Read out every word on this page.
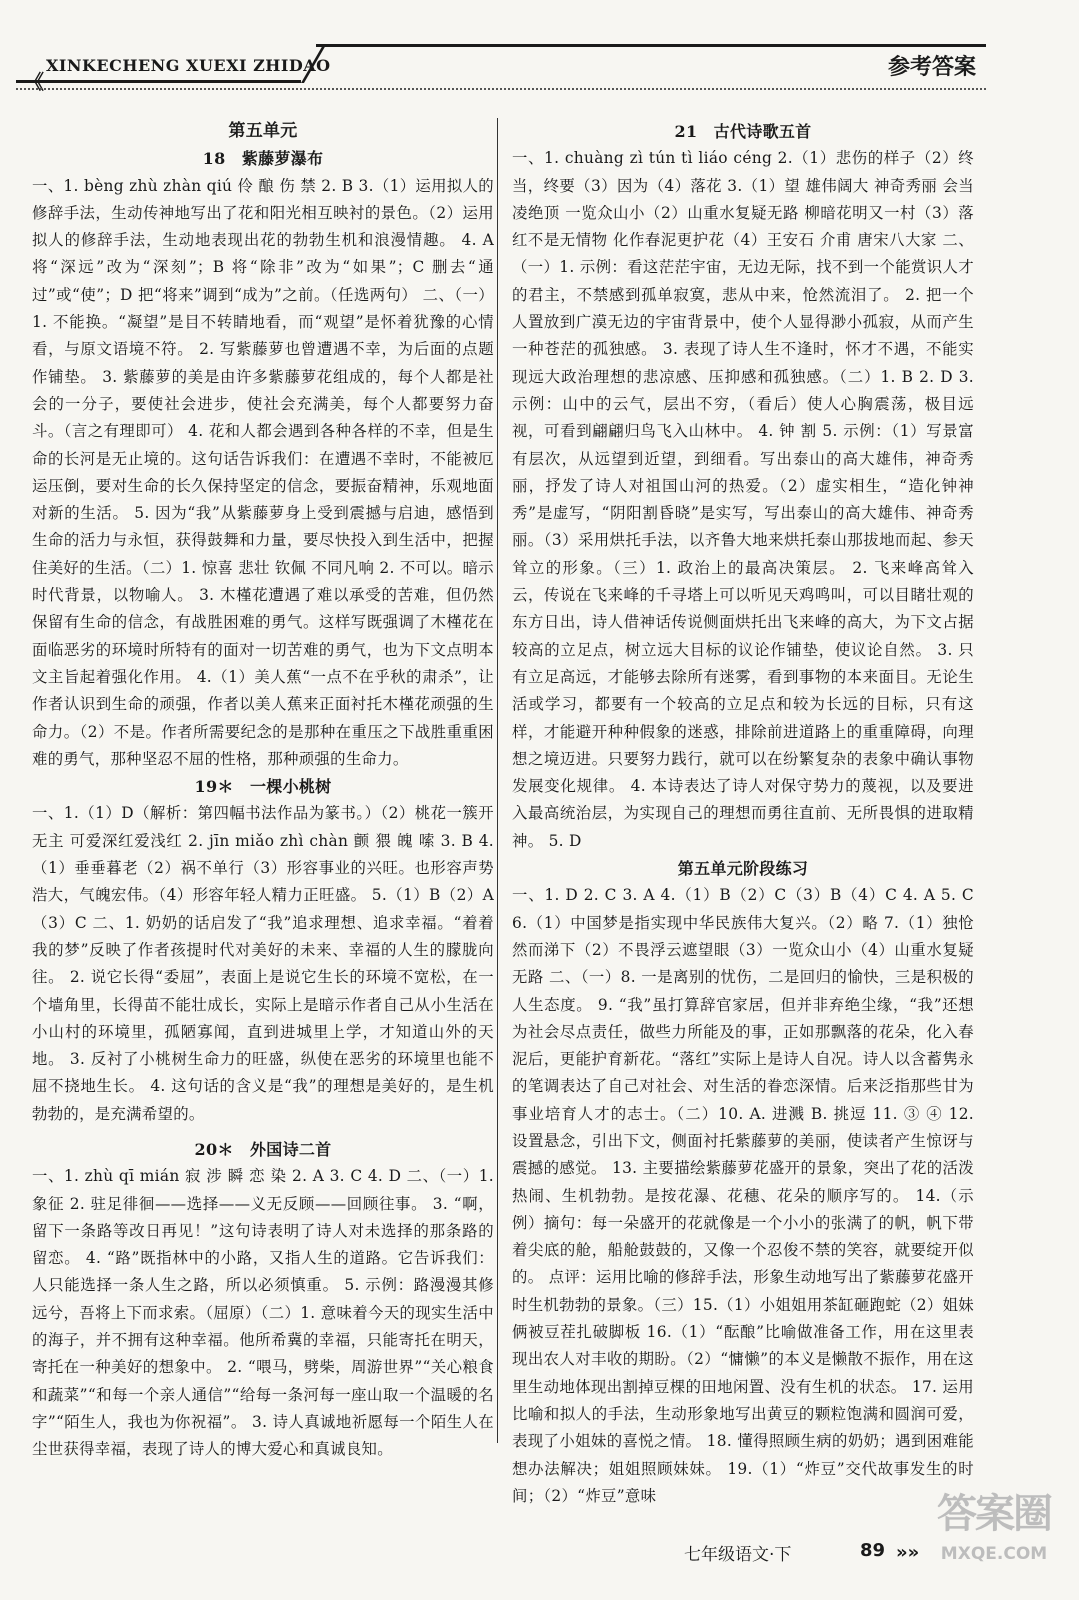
《
XINKECHENG XUEXI ZHIDAO	参考答案
第五单元
18　紫藤萝瀑布

一、1. bèng zhù zhàn qiú 伶 酿 伤 禁 2. B 3.（1）运用拟人的修辞手法，生动传神地写出了花和阳光相互映衬的景色。（2）运用拟人的修辞手法，生动地表现出花的勃勃生机和浪漫情趣。 4. A 将“深远”改为“深刻”；B 将“除非”改为“如果”；C 删去“通过”或“使”；D 把“将来”调到“成为”之前。（任选两句） 二、（一）1. 不能换。“凝望”是目不转睛地看，而“观望”是怀着犹豫的心情看，与原文语境不符。 2. 写紫藤萝也曾遭遇不幸，为后面的点题作铺垫。 3. 紫藤萝的美是由许多紫藤萝花组成的，每个人都是社会的一分子，要使社会进步，使社会充满美，每个人都要努力奋斗。（言之有理即可） 4. 花和人都会遇到各种各样的不幸，但是生命的长河是无止境的。这句话告诉我们：在遭遇不幸时，不能被厄运压倒，要对生命的长久保持坚定的信念，要振奋精神，乐观地面对新的生活。 5. 因为“我”从紫藤萝身上受到震撼与启迪，感悟到生命的活力与永恒，获得鼓舞和力量，要尽快投入到生活中，把握住美好的生活。（二）1. 惊喜 悲壮 钦佩 不同凡响 2. 不可以。暗示时代背景，以物喻人。 3. 木槿花遭遇了难以承受的苦难，但仍然保留有生命的信念，有战胜困难的勇气。这样写既强调了木槿花在面临恶劣的环境时所特有的面对一切苦难的勇气，也为下文点明本文主旨起着强化作用。 4.（1）美人蕉“一点不在乎秋的肃杀”，让作者认识到生命的顽强，作者以美人蕉来正面衬托木槿花顽强的生命力。（2）不是。作者所需要纪念的是那种在重压之下战胜重重困难的勇气，那种坚忍不屈的性格，那种顽强的生命力。

19＊　一棵小桃树

一、1.（1）D（解析：第四幅书法作品为篆书。）（2）桃花一簇开无主 可爱深红爱浅红 2. jīn miǎo zhì chàn 颤 猥 魄 嗦 3. B 4.（1）垂垂暮老（2）祸不单行（3）形容事业的兴旺。也形容声势浩大，气魄宏伟。（4）形容年轻人精力正旺盛。 5.（1）B（2）A（3）C 二、1. 奶奶的话启发了“我”追求理想、追求幸福。“着着我的梦”反映了作者孩提时代对美好的未来、幸福的人生的朦胧向往。 2. 说它长得“委屈”，表面上是说它生长的环境不宽松，在一个墙角里，长得苗不能壮成长，实际上是暗示作者自己从小生活在小山村的环境里，孤陋寡闻，直到进城里上学，才知道山外的天地。 3. 反衬了小桃树生命力的旺盛，纵使在恶劣的环境里也能不屈不挠地生长。 4. 这句话的含义是“我”的理想是美好的，是生机勃勃的，是充满希望的。

20＊　外国诗二首

一、1. zhù qī mián 寂 涉 瞬 恋 染 2. A 3. C 4. D 二、（一）1. 象征 2. 驻足徘徊——选择——义无反顾——回顾往事。 3. “啊，留下一条路等改日再见！”这句诗表明了诗人对未选择的那条路的留恋。 4. “路”既指林中的小路，又指人生的道路。它告诉我们：人只能选择一条人生之路，所以必须慎重。 5. 示例：路漫漫其修远兮，吾将上下而求索。（屈原）（二）1. 意味着今天的现实生活中的海子，并不拥有这种幸福。他所希冀的幸福，只能寄托在明天，寄托在一种美好的想象中。 2. “喂马，劈柴，周游世界”“关心粮食和蔬菜”“和每一个亲人通信”“给每一条河每一座山取一个温暖的名字”“陌生人，我也为你祝福”。 3. 诗人真诚地祈愿每一个陌生人在尘世获得幸福，表现了诗人的博大爱心和真诚良知。

21　古代诗歌五首

一、1. chuàng zì tún tì liáo céng 2.（1）悲伤的样子（2）终当，终要（3）因为（4）落花 3.（1）望 雄伟阔大 神奇秀丽 会当凌绝顶 一览众山小（2）山重水复疑无路 柳暗花明又一村（3）落红不是无情物 化作春泥更护花（4）王安石 介甫 唐宋八大家 二、（一）1. 示例：看这茫茫宇宙，无边无际，找不到一个能赏识人才的君主，不禁感到孤单寂寞，悲从中来，怆然流泪了。 2. 把一个人置放到广漠无边的宇宙背景中，使个人显得渺小孤寂，从而产生一种苍茫的孤独感。 3. 表现了诗人生不逢时，怀才不遇，不能实现远大政治理想的悲凉感、压抑感和孤独感。（二）1. B 2. D 3. 示例：山中的云气，层出不穷，（看后）使人心胸震荡，极目远视，可看到翩翩归鸟飞入山林中。 4. 钟 割 5. 示例：（1）写景富有层次，从远望到近望，到细看。写出泰山的高大雄伟，神奇秀丽，抒发了诗人对祖国山河的热爱。（2）虚实相生，“造化钟神秀”是虚写，“阴阳割昏晓”是实写，写出泰山的高大雄伟、神奇秀丽。（3）采用烘托手法，以齐鲁大地来烘托泰山那拔地而起、参天耸立的形象。（三）1. 政治上的最高决策层。 2. 飞来峰高耸入云，传说在飞来峰的千寻塔上可以听见天鸡鸣叫，可以目睹壮观的东方日出，诗人借神话传说侧面烘托出飞来峰的高大，为下文占据较高的立足点，树立远大目标的议论作铺垫，使议论自然。 3. 只有立足高远，才能够去除所有迷雾，看到事物的本来面目。无论生活或学习，都要有一个较高的立足点和较为长远的目标，只有这样，才能避开种种假象的迷惑，排除前进道路上的重重障碍，向理想之境迈进。只要努力践行，就可以在纷繁复杂的表象中确认事物发展变化规律。 4. 本诗表达了诗人对保守势力的蔑视，以及要进入最高统治层，为实现自己的理想而勇往直前、无所畏惧的进取精神。 5. D

第五单元阶段练习

一、1. D 2. C 3. A 4.（1）B（2）C（3）B（4）C 4. A 5. C 6.（1）中国梦是指实现中华民族伟大复兴。（2）略 7.（1）独怆然而涕下（2）不畏浮云遮望眼（3）一览众山小（4）山重水复疑无路 二、（一）8. 一是离别的忧伤，二是回归的愉快，三是积极的人生态度。 9. “我”虽打算辞官家居，但并非弃绝尘缘，“我”还想为社会尽点责任，做些力所能及的事，正如那飘落的花朵，化入春泥后，更能护育新花。“落红”实际上是诗人自况。诗人以含蓄隽永的笔调表达了自己对社会、对生活的眷恋深情。后来泛指那些甘为事业培育人才的志士。（二）10. A. 进溅 B. 挑逗 11. ③ ④ 12. 设置悬念，引出下文，侧面衬托紫藤萝的美丽，使读者产生惊讶与震撼的感觉。 13. 主要描绘紫藤萝花盛开的景象，突出了花的活泼热闹、生机勃勃。是按花瀑、花穗、花朵的顺序写的。 14.（示例）摘句：每一朵盛开的花就像是一个小小的张满了的帆，帆下带着尖底的舱，船舱鼓鼓的，又像一个忍俊不禁的笑容，就要绽开似的。 点评：运用比喻的修辞手法，形象生动地写出了紫藤萝花盛开时生机勃勃的景象。（三）15.（1）小姐姐用茶缸砸跑蛇（2）姐妹俩被豆茬扎破脚板 16.（1）“酝酿”比喻做准备工作，用在这里表现出农人对丰收的期盼。（2）“慵懒”的本义是懒散不振作，用在这里生动地体现出割掉豆棵的田地闲置、没有生机的状态。 17. 运用比喻和拟人的手法，生动形象地写出黄豆的颗粒饱满和圆润可爱，表现了小姐妹的喜悦之情。 18. 懂得照顾生病的奶奶；遇到困难能想办法解决；姐姐照顾妹妹。 19.（1）“炸豆”交代故事发生的时间；（2）“炸豆”意味

七年级语文·下	89 »»
答案圈
MXQE.COM
